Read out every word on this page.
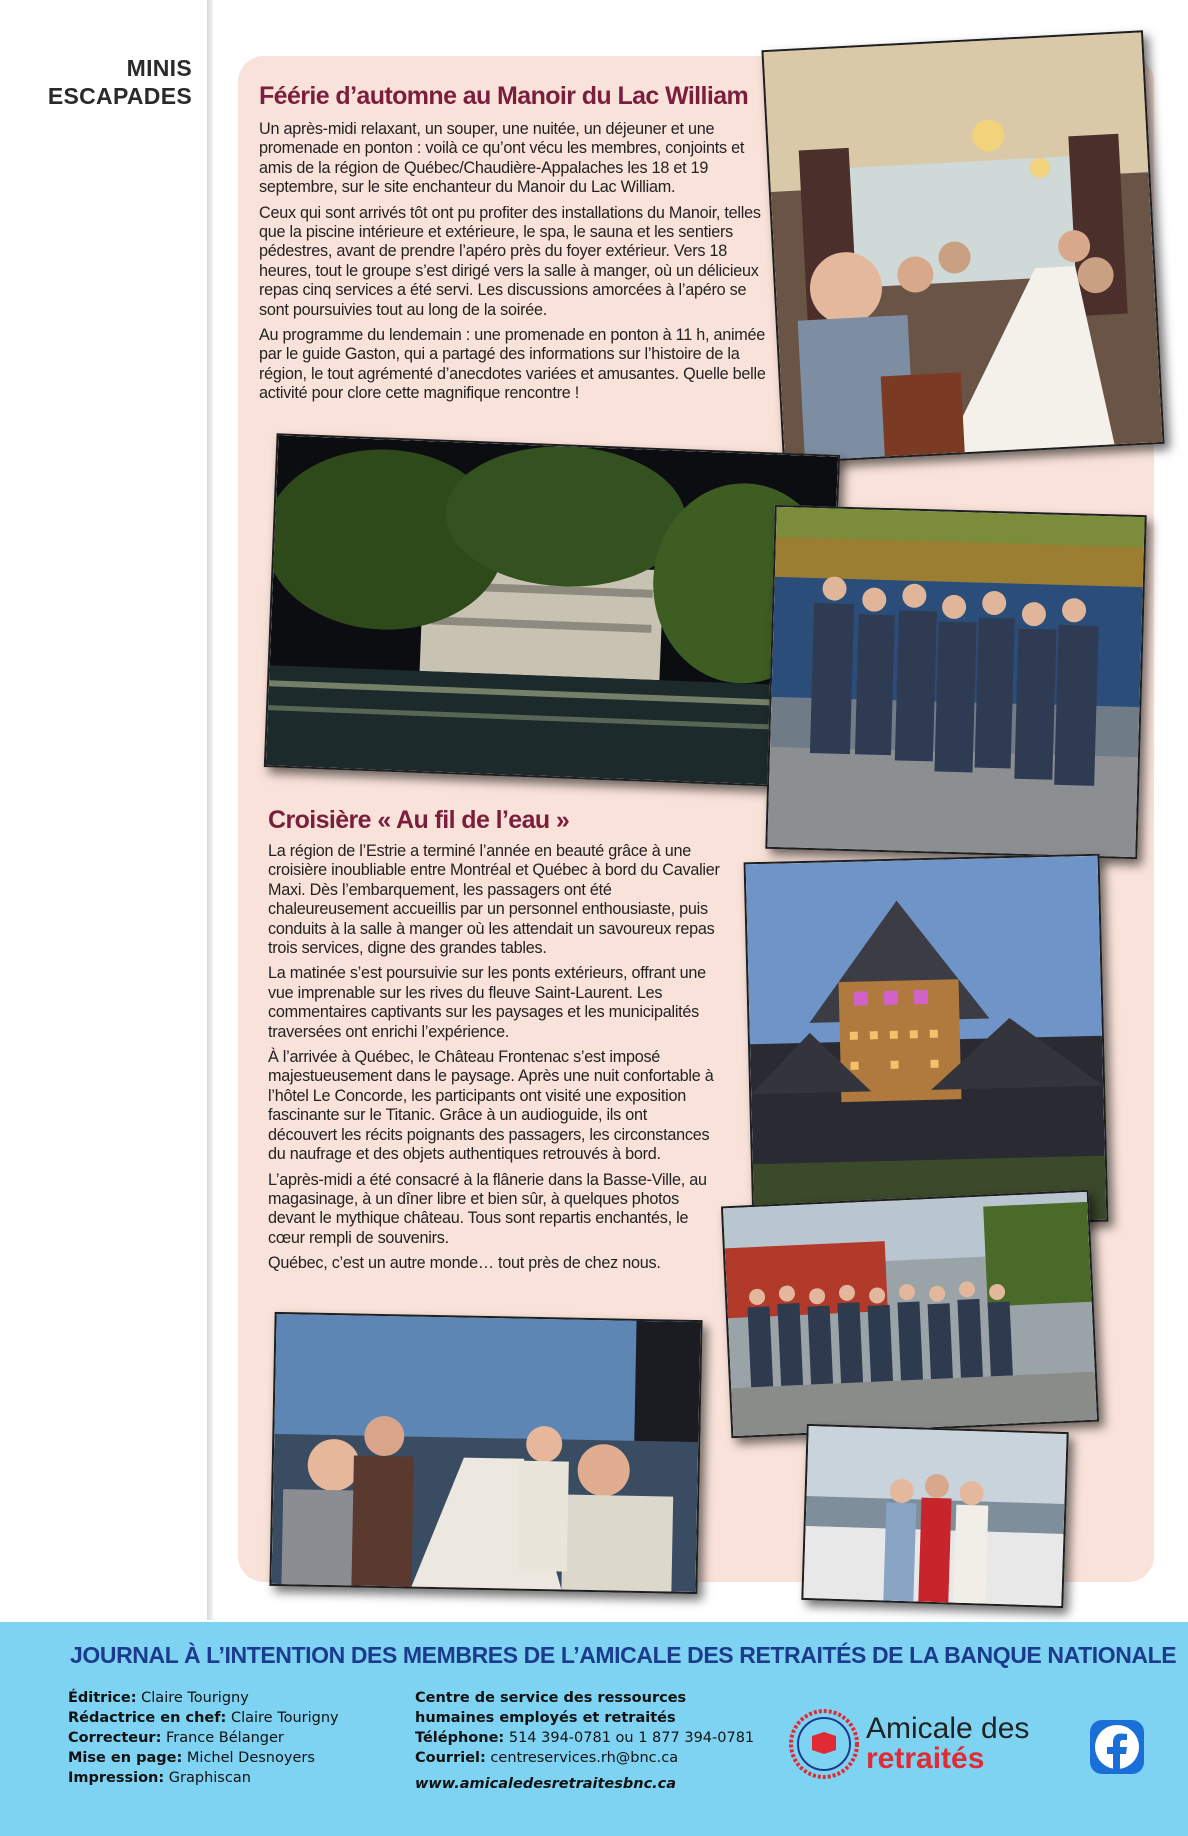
MINIS
ESCAPADES	Féérie d’automne au Manoir du Lac William

Un après-midi relaxant, un souper, une nuitée, un déjeuner et une promenade en ponton : voilà ce qu’ont vécu les membres, conjoints et amis de la région de Québec/Chaudière-Appalaches les 18 et 19 septembre, sur le site enchanteur du Manoir du Lac William.

Ceux qui sont arrivés tôt ont pu profiter des installations du Manoir, telles que la piscine intérieure et extérieure, le spa, le sauna et les sentiers pédestres, avant de prendre l’apéro près du foyer extérieur. Vers 18 heures, tout le groupe s’est dirigé vers la salle à manger, où un délicieux repas cinq services a été servi. Les discussions amorcées à l’apéro se sont poursuivies tout au long de la soirée.

Au programme du lendemain : une promenade en ponton à 11 h, animée par le guide Gaston, qui a partagé des informations sur l’histoire de la région, le tout agrémenté d’anecdotes variées et amusantes. Quelle belle activité pour clore cette magnifique rencontre !

Croisière « Au fil de l’eau »

La région de l’Estrie a terminé l’année en beauté grâce à une croisière inoubliable entre Montréal et Québec à bord du Cavalier Maxi. Dès l’embarquement, les passagers ont été chaleureusement accueillis par un personnel enthousiaste, puis conduits à la salle à manger où les attendait un savoureux repas trois services, digne des grandes tables.

La matinée s’est poursuivie sur les ponts extérieurs, offrant une vue imprenable sur les rives du fleuve Saint-Laurent. Les commentaires captivants sur les paysages et les municipalités traversées ont enrichi l’expérience.

À l’arrivée à Québec, le Château Frontenac s’est imposé majestueusement dans le paysage. Après une nuit confortable à l’hôtel Le Concorde, les participants ont visité une exposition fascinante sur le Titanic. Grâce à un audioguide, ils ont découvert les récits poignants des passagers, les circonstances du naufrage et des objets authentiques retrouvés à bord.

L’après-midi a été consacré à la flânerie dans la Basse-Ville, au magasinage, à un dîner libre et bien sûr, à quelques photos devant le mythique château. Tous sont repartis enchantés, le cœur rempli de souvenirs.

Québec, c’est un autre monde… tout près de chez nous.

JOURNAL À L’INTENTION DES MEMBRES DE L’AMICALE DES RETRAITÉS DE LA BANQUE NATIONALE
Éditrice: Claire Tourigny
Rédactrice en chef: Claire Tourigny
Correcteur: France Bélanger
Mise en page: Michel Desnoyers
Impression: Graphiscan
Centre de service des ressources
humaines employés et retraités
Téléphone: 514 394-0781 ou 1 877 394-0781
Courriel: centreservices.rh@bnc.ca
www.amicaledesretraitesbnc.ca
Amicale des
retraités
